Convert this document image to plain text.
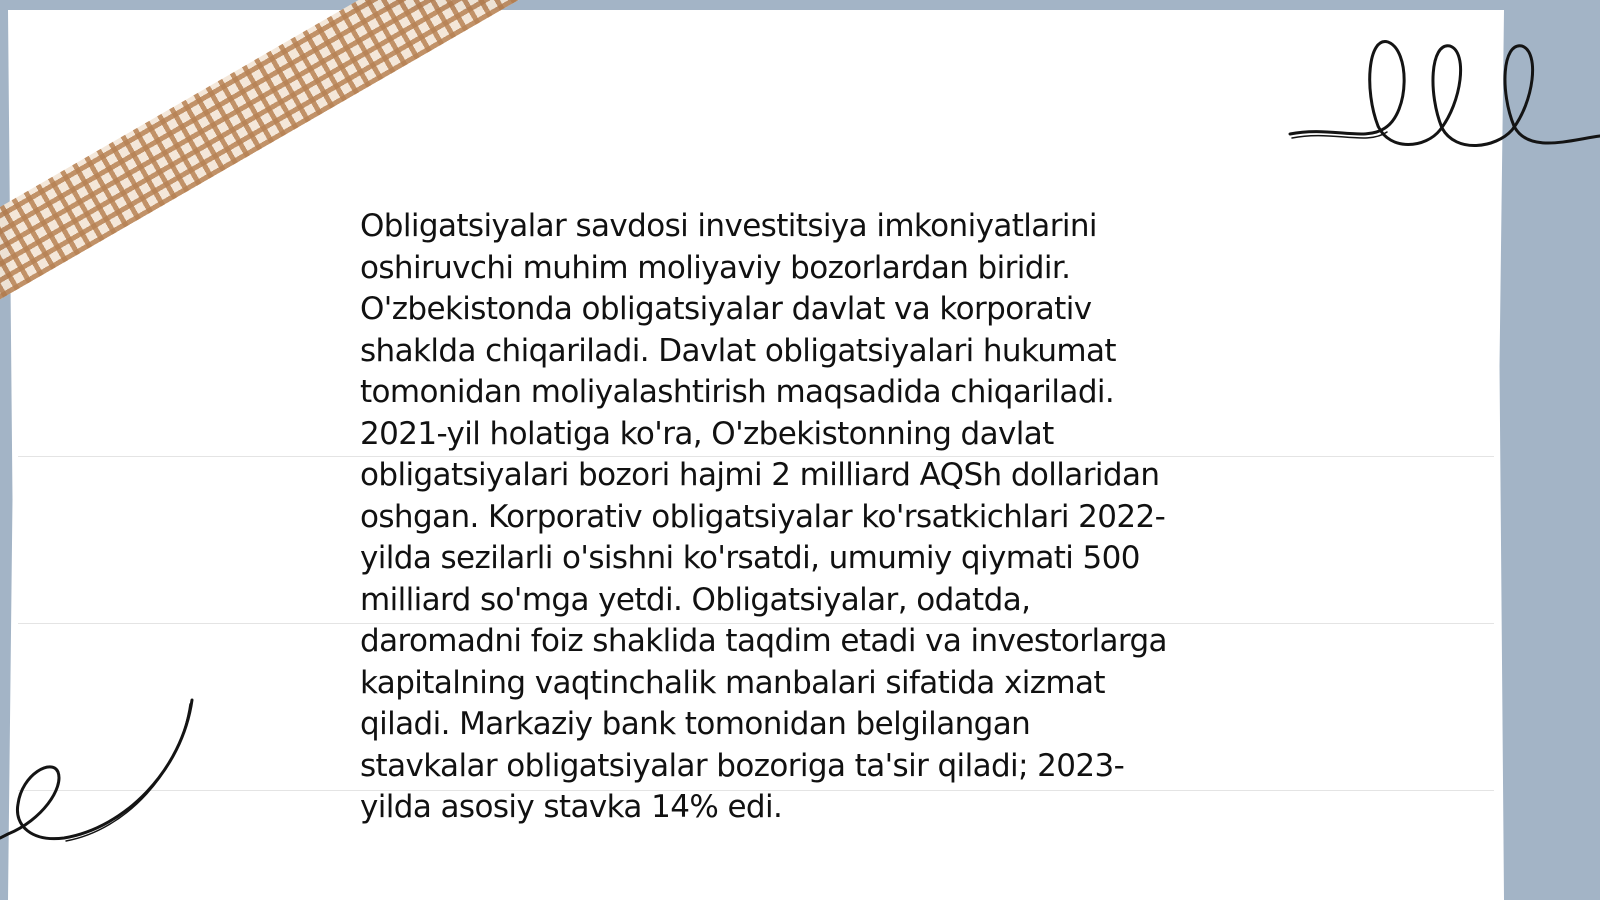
Obligatsiyalar savdosi investitsiya imkoniyatlarini
oshiruvchi muhim moliyaviy bozorlardan biridir.
O'zbekistonda obligatsiyalar davlat va korporativ
shaklda chiqariladi. Davlat obligatsiyalari hukumat
tomonidan moliyalashtirish maqsadida chiqariladi.
2021-yil holatiga ko'ra, O'zbekistonning davlat
obligatsiyalari bozori hajmi 2 milliard AQSh dollaridan
oshgan. Korporativ obligatsiyalar ko'rsatkichlari 2022-
yilda sezilarli o'sishni ko'rsatdi, umumiy qiymati 500
milliard so'mga yetdi. Obligatsiyalar, odatda,
daromadni foiz shaklida taqdim etadi va investorlarga
kapitalning vaqtinchalik manbalari sifatida xizmat
qiladi. Markaziy bank tomonidan belgilangan
stavkalar obligatsiyalar bozoriga ta'sir qiladi; 2023-
yilda asosiy stavka 14% edi.
